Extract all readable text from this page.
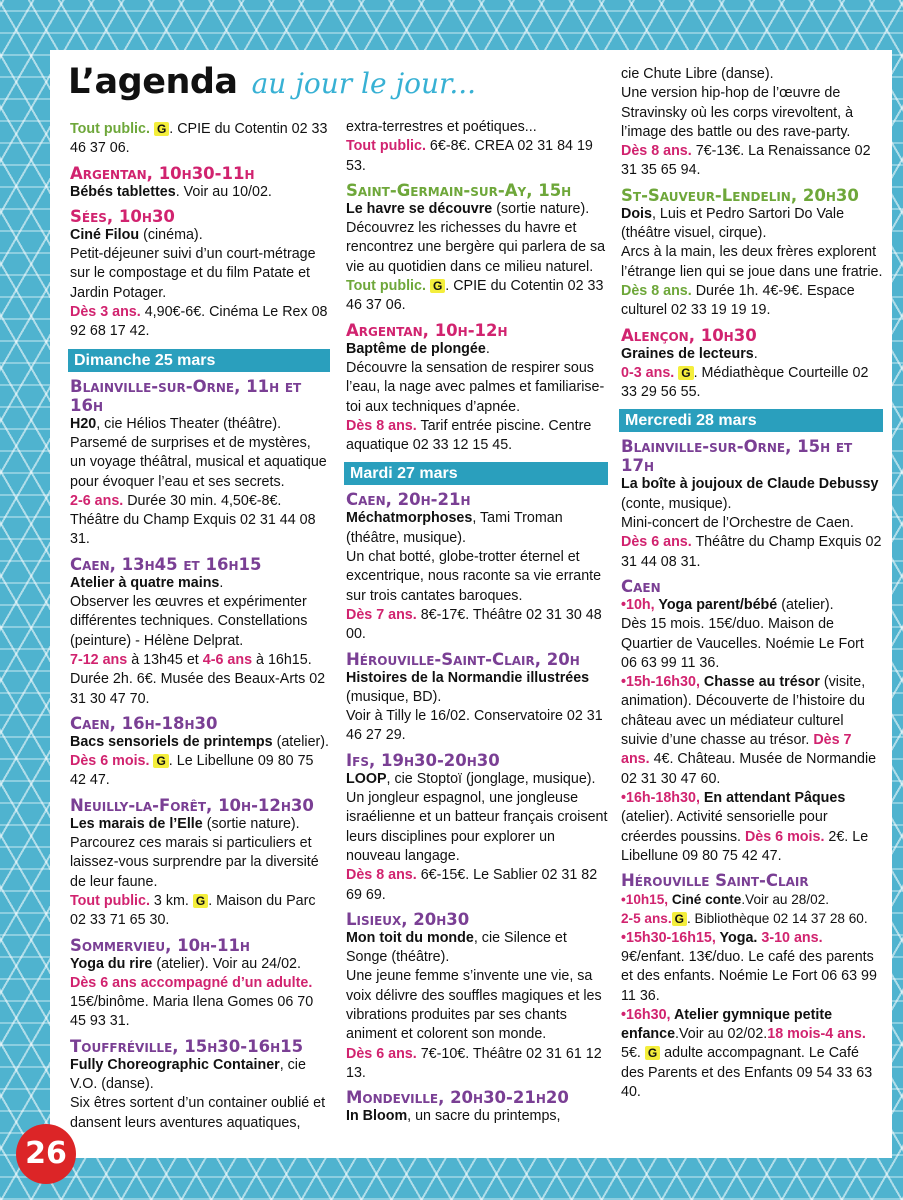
L’agenda au jour le jour...

Tout public. G . CPIE du Cotentin 02 33 46 37 06.

Argentan, 10h30-11h

Bébés tablettes. Voir au 10/02.

Sées, 10h30

Ciné Filou (cinéma).

Petit-déjeuner suivi d’un court-métrage sur le compostage et du film Patate et Jardin Potager.

Dès 3 ans. 4,90€-6€. Cinéma Le Rex 08 92 68 17 42.

Dimanche 25 mars

Blainville-sur-Orne, 11h et 16h

H20, cie Hélios Theater (théâtre).

Parsemé de surprises et de mystères, un voyage théâtral, musical et aquatique pour évoquer l’eau et ses secrets.

2-6 ans. Durée 30 min. 4,50€-8€. Théâtre du Champ Exquis 02 31 44 08 31.

Caen, 13h45 et 16h15

Atelier à quatre mains.

Observer les œuvres et expérimenter différentes techniques. Constellations (peinture) - Hélène Delprat.

7-12 ans à 13h45 et 4-6 ans à 16h15. Durée 2h. 6€. Musée des Beaux-Arts 02 31 30 47 70.

Caen, 16h-18h30

Bacs sensoriels de printemps (atelier).

Dès 6 mois. G . Le Libellune 09 80 75 42 47.

Neuilly-la-Forêt, 10h-12h30

Les marais de l’Elle (sortie nature).

Parcourez ces marais si particuliers et laissez-vous surprendre par la diversité de leur faune.

Tout public. 3 km. G . Maison du Parc 02 33 71 65 30.

Sommervieu, 10h-11h

Yoga du rire (atelier). Voir au 24/02.

Dès 6 ans accompagné d’un adulte. 15€/binôme. Maria Ilena Gomes 06 70 45 93 31.

Touffréville, 15h30-16h15

Fully Choreographic Container, cie V.O. (danse).

Six êtres sortent d’un container oublié et dansent leurs aventures aquatiques,

extra-terrestres et poétiques...

Tout public. 6€-8€. CREA 02 31 84 19 53.

Saint-Germain-sur-Ay, 15h

Le havre se découvre (sortie nature).

Découvrez les richesses du havre et rencontrez une bergère qui parlera de sa vie au quotidien dans ce milieu naturel.

Tout public. G . CPIE du Cotentin 02 33 46 37 06.

Argentan, 10h-12h

Baptême de plongée.

Découvre la sensation de respirer sous l’eau, la nage avec palmes et familiarise-toi aux techniques d’apnée.

Dès 8 ans. Tarif entrée piscine. Centre aquatique 02 33 12 15 45.

Mardi 27 mars

Caen, 20h-21h

Méchatmorphoses, Tami Troman (théâtre, musique).

Un chat botté, globe-trotter éternel et excentrique, nous raconte sa vie errante sur trois cantates baroques.

Dès 7 ans. 8€-17€. Théâtre 02 31 30 48 00.

Hérouville-Saint-Clair, 20h

Histoires de la Normandie illustrées (musique, BD).

Voir à Tilly le 16/02. Conservatoire 02 31 46 27 29.

Ifs, 19h30-20h30

LOOP, cie Stoptoï (jonglage, musique).

Un jongleur espagnol, une jongleuse israélienne et un batteur français croisent leurs disciplines pour explorer un nouveau langage.

Dès 8 ans. 6€-15€. Le Sablier 02 31 82 69 69.

Lisieux, 20h30

Mon toit du monde, cie Silence et Songe (théâtre).

Une jeune femme s’invente une vie, sa voix délivre des souffles magiques et les vibrations produites par ses chants animent et colorent son monde.

Dès 6 ans. 7€-10€. Théâtre 02 31 61 12 13.

Mondeville, 20h30-21h20

In Bloom, un sacre du printemps,

cie Chute Libre (danse).

Une version hip-hop de l’œuvre de Stravinsky où les corps virevoltent, à l’image des battle ou des rave-party.

Dès 8 ans. 7€-13€. La Renaissance 02 31 35 65 94.

St-Sauveur-Lendelin, 20h30

Dois, Luis et Pedro Sartori Do Vale (théâtre visuel, cirque).

Arcs à la main, les deux frères explorent l’étrange lien qui se joue dans une fratrie.

Dès 8 ans. Durée 1h. 4€-9€. Espace culturel 02 33 19 19 19.

Alençon, 10h30

Graines de lecteurs.

0-3 ans. G . Médiathèque Courteille 02 33 29 56 55.

Mercredi 28 mars

Blainville-sur-Orne, 15h et 17h

La boîte à joujoux de Claude Debussy (conte, musique).

Mini-concert de l’Orchestre de Caen.

Dès 6 ans. Théâtre du Champ Exquis 02 31 44 08 31.

Caen

•10h, Yoga parent/bébé (atelier).

Dès 15 mois. 15€/duo. Maison de Quartier de Vaucelles. Noémie Le Fort 06 63 99 11 36.

•15h-16h30, Chasse au trésor (visite, animation). Découverte de l’histoire du château avec un médiateur culturel suivie d’une chasse au trésor. Dès 7 ans. 4€. Château. Musée de Normandie 02 31 30 47 60.

•16h-18h30, En attendant Pâques (atelier). Activité sensorielle pour créerdes poussins. Dès 6 mois. 2€. Le Libellune 09 80 75 42 47.

Hérouville Saint-Clair

•10h15, Ciné conte.Voir au 28/02.
2-5 ans. G . Bibliothèque 02 14 37 28 60.

•15h30-16h15, Yoga. 3-10 ans. 9€/enfant. 13€/duo. Le café des parents et des enfants. Noémie Le Fort 06 63 99 11 36.

•16h30, Atelier gymnique petite enfance.Voir au 02/02.18 mois-4 ans. 5€. G adulte accompagnant. Le Café des Parents et des Enfants 09 54 33 63 40.

26
